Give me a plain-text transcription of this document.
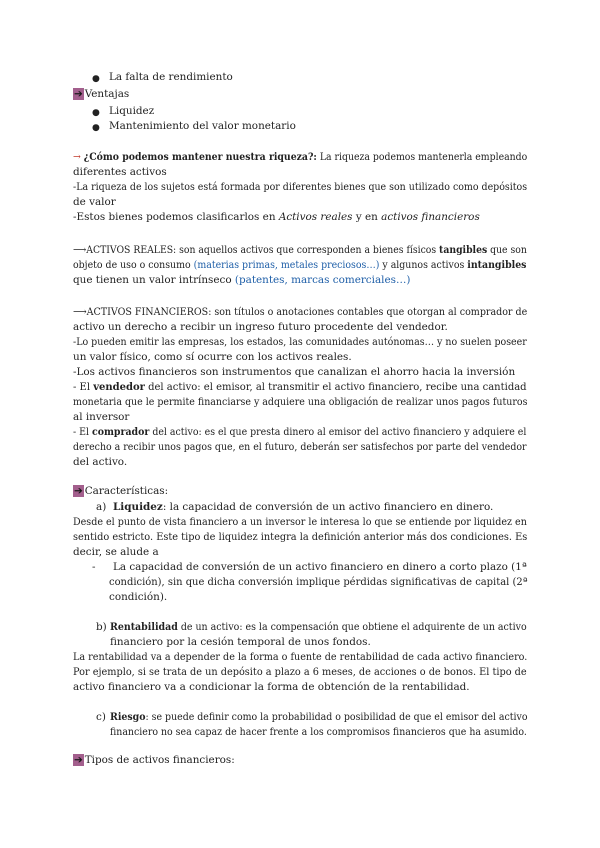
● La falta de rendimiento
➔ Ventajas
● Liquidez
● Mantenimiento del valor monetario
→ ¿Cómo podemos mantener nuestra riqueza?: La riqueza podemos mantenerla empleando
diferentes activos
-La riqueza de los sujetos está formada por diferentes bienes que son utilizado como depósitos
de valor
-Estos bienes podemos clasificarlos en Activos reales y en activos financieros
⟶ACTIVOS REALES: son aquellos activos que corresponden a bienes físicos tangibles que son
objeto de uso o consumo (materias primas, metales preciosos…) y algunos activos intangibles
que tienen un valor intrínseco (patentes, marcas comerciales…)
⟶ACTIVOS FINANCIEROS: son títulos o anotaciones contables que otorgan al comprador de
activo un derecho a recibir un ingreso futuro procedente del vendedor.
-Lo pueden emitir las empresas, los estados, las comunidades autónomas… y no suelen poseer
un valor físico, como sí ocurre con los activos reales.
-Los activos financieros son instrumentos que canalizan el ahorro hacia la inversión
- El vendedor del activo: el emisor, al transmitir el activo financiero, recibe una cantidad
monetaria que le permite financiarse y adquiere una obligación de realizar unos pagos futuros
al inversor
- El comprador del activo: es el que presta dinero al emisor del activo financiero y adquiere el
derecho a recibir unos pagos que, en el futuro, deberán ser satisfechos por parte del vendedor
del activo.
➔ Características:
a) Liquidez: la capacidad de conversión de un activo financiero en dinero.
Desde el punto de vista financiero a un inversor le interesa lo que se entiende por liquidez en
sentido estricto. Este tipo de liquidez integra la definición anterior más dos condiciones. Es
decir, se alude a
- La capacidad de conversión de un activo financiero en dinero a corto plazo (1ª
condición), sin que dicha conversión implique pérdidas significativas de capital (2ª
condición).
b) Rentabilidad de un activo: es la compensación que obtiene el adquirente de un activo
financiero por la cesión temporal de unos fondos.
La rentabilidad va a depender de la forma o fuente de rentabilidad de cada activo financiero.
Por ejemplo, si se trata de un depósito a plazo a 6 meses, de acciones o de bonos. El tipo de
activo financiero va a condicionar la forma de obtención de la rentabilidad.
c) Riesgo: se puede definir como la probabilidad o posibilidad de que el emisor del activo
financiero no sea capaz de hacer frente a los compromisos financieros que ha asumido.
➔ Tipos de activos financieros:
